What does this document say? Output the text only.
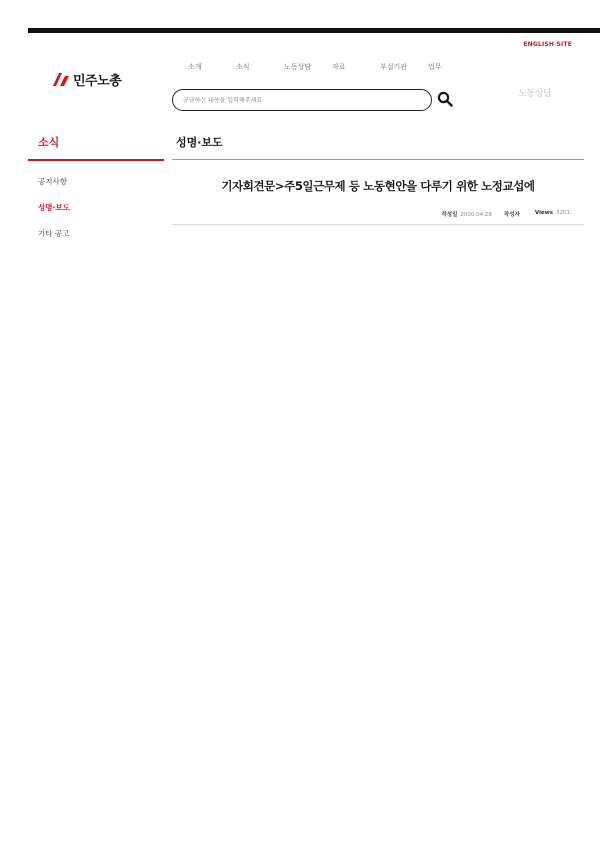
ENGLISH SITE
민주노총
소개	소식	노동상담	자료	부설기관	업무
궁금하신 내용을 입력해주세요
노동상담
소식
공지사항
성명·보도
기타 공고
성명·보도
기자회견문>주5일근무제 등 노동현안을 다루기 위한 노정교섭에
작성일 2000.04.28 작성자	Views 3201
